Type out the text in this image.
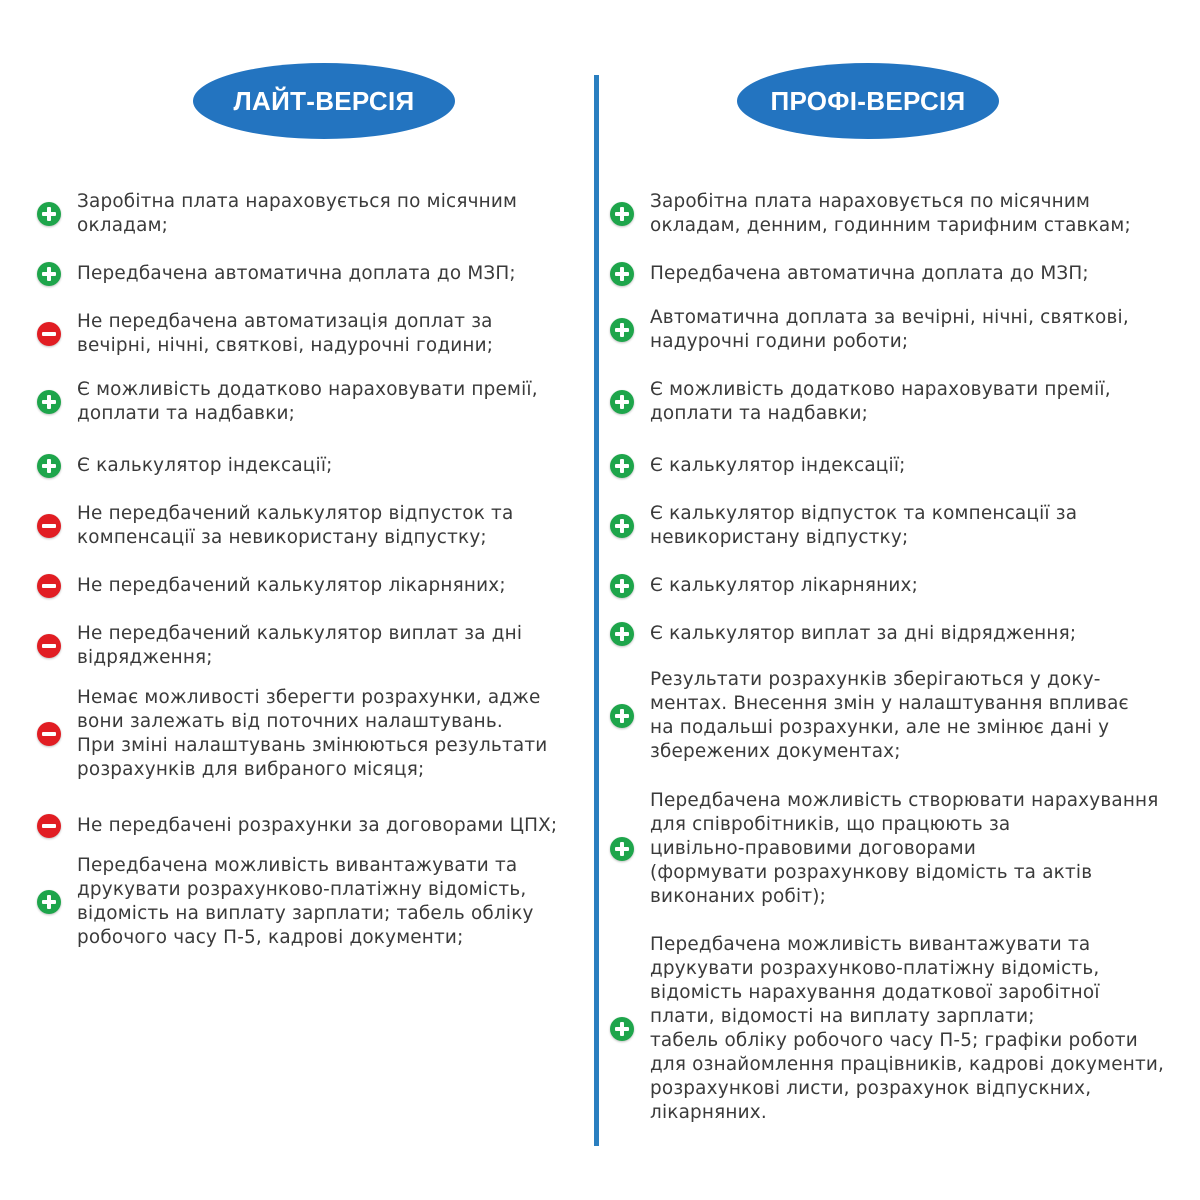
ЛАЙТ-ВЕРСІЯ	ПРОФІ-ВЕРСІЯ
Заробітна плата нараховується по місячним
окладам;
Передбачена автоматична доплата до МЗП;
Не передбачена автоматизація доплат за
вечірні, нічні, святкові, надурочні години;
Є можливість додатково нараховувати премії,
доплати та надбавки;
Є калькулятор індексації;
Не передбачений калькулятор відпусток та
компенсації за невикористану відпустку;
Не передбачений калькулятор лікарняних;
Не передбачений калькулятор виплат за дні
відрядження;
Немає можливості зберегти розрахунки, адже
вони залежать від поточних налаштувань.
При зміні налаштувань змінюються результати
розрахунків для вибраного місяця;
Не передбачені розрахунки за договорами ЦПХ;
Передбачена можливість вивантажувати та
друкувати розрахунково-платіжну відомість,
відомість на виплату зарплати; табель обліку
робочого часу П-5, кадрові документи;
Заробітна плата нараховується по місячним
окладам, денним, годинним тарифним ставкам;
Передбачена автоматична доплата до МЗП;
Автоматична доплата за вечірні, нічні, святкові,
надурочні години роботи;
Є можливість додатково нараховувати премії,
доплати та надбавки;
Є калькулятор індексації;
Є калькулятор відпусток та компенсації за
невикористану відпустку;
Є калькулятор лікарняних;
Є калькулятор виплат за дні відрядження;
Результати розрахунків зберігаються у доку-
ментах. Внесення змін у налаштування впливає
на подальші розрахунки, але не змінює дані у
збережених документах;
Передбачена можливість створювати нарахування
для співробітників, що працюють за
цивільно-правовими договорами
(формувати розрахункову відомість та актів
виконаних робіт);
Передбачена можливість вивантажувати та
друкувати розрахунково-платіжну відомість,
відомість нарахування додаткової заробітної
плати, відомості на виплату зарплати;
табель обліку робочого часу П-5; графіки роботи
для ознайомлення працівників, кадрові документи,
розрахункові листи, розрахунок відпускних,
лікарняних.
